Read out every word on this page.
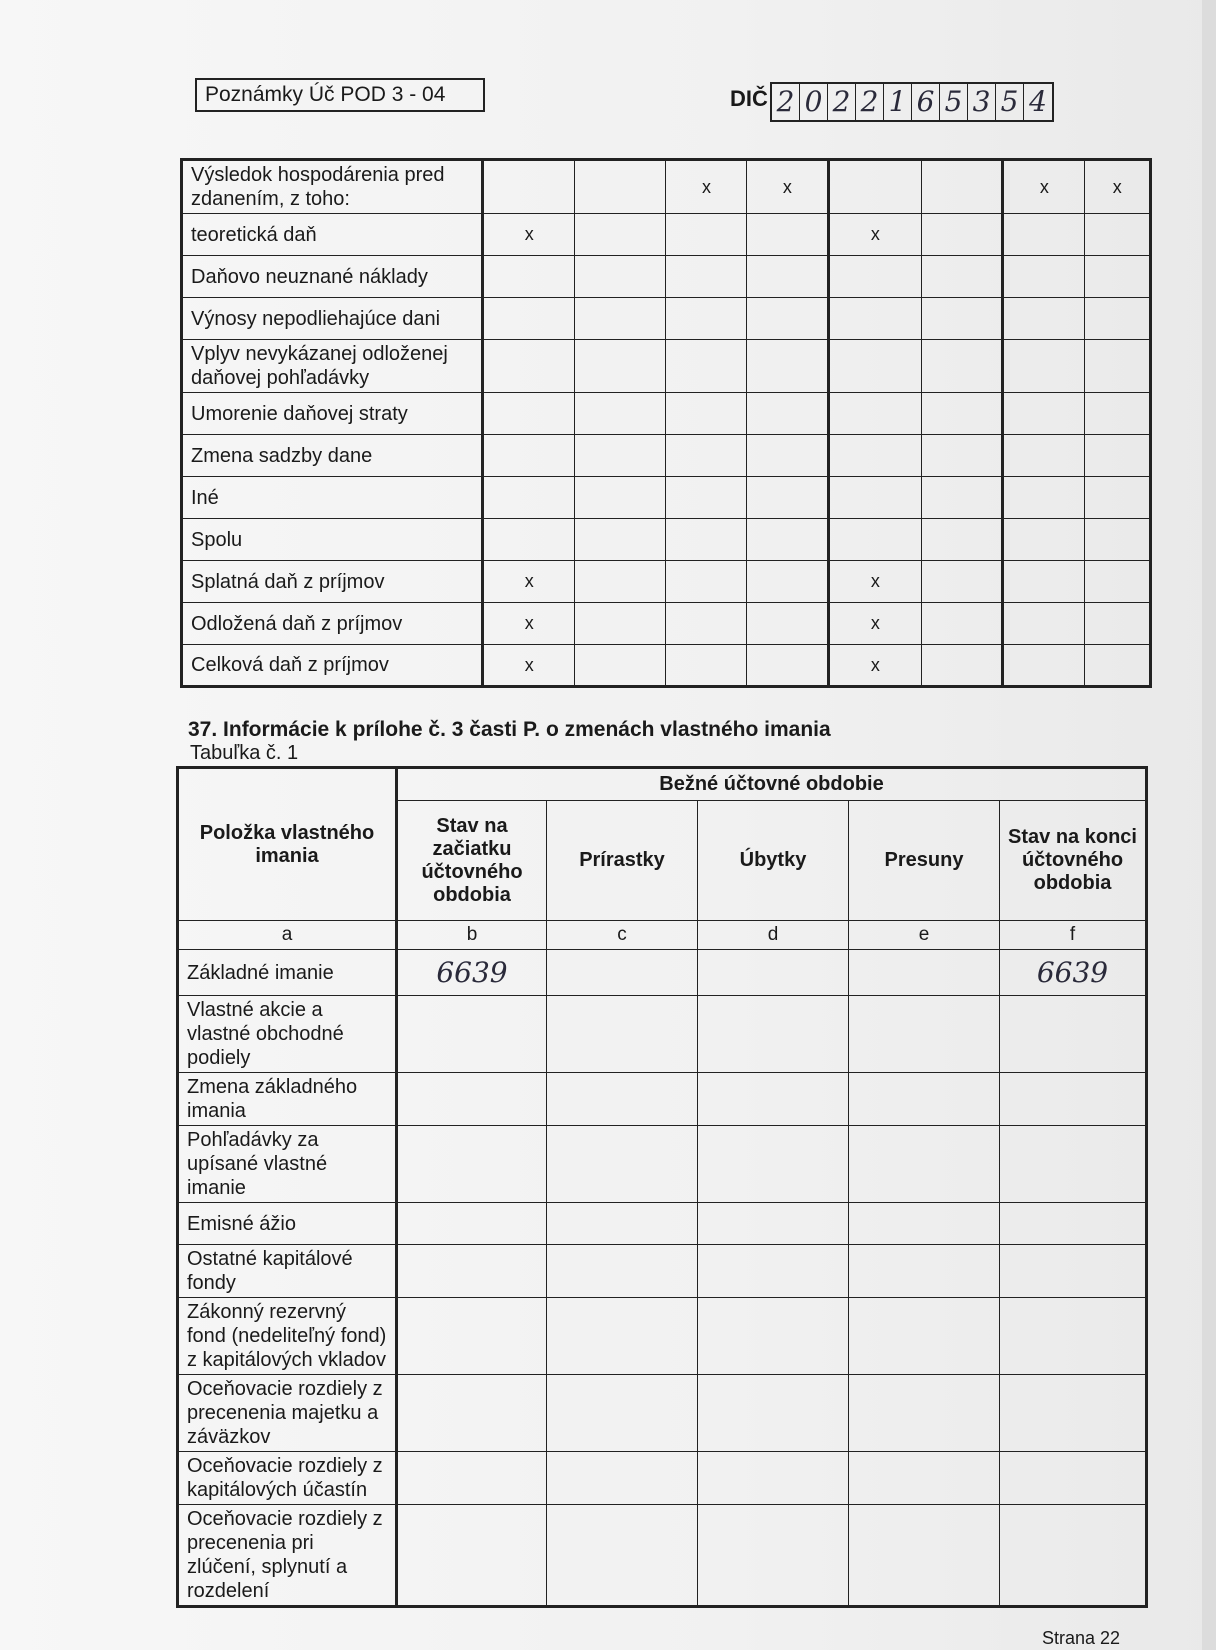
Poznámky Úč POD 3 - 04	DIČ 2 0 2 2 1 6 5 3 5 4
Výsledok hospodárenia pred zdanením, z toho:			x	x			x	x
teoretická daň	x				x			
Daňovo neuznané náklady								
Výnosy nepodliehajúce dani								
Vplyv nevykázanej odloženej daňovej pohľadávky								
Umorenie daňovej straty								
Zmena sadzby dane								
Iné								
Spolu								
Splatná daň z príjmov	x				x			
Odložená daň z príjmov	x				x			
Celková daň z príjmov	x				x			
37. Informácie k prílohe č. 3 časti P. o zmenách vlastného imania
Tabuľka č. 1
Položka vlastného imania	Bežné účtovné obdobie				
	Stav na začiatku účtovného obdobia	Prírastky	Úbytky	Presuny	Stav na konci účtovného obdobia
a	b	c	d	e	f
Základné imanie	6639				6639
Vlastné akcie a vlastné obchodné podiely					
Zmena základného imania					
Pohľadávky za upísané vlastné imanie					
Emisné ážio					
Ostatné kapitálové fondy					
Zákonný rezervný fond (nedeliteľný fond) z kapitálových vkladov					
Oceňovacie rozdiely z precenenia majetku a záväzkov					
Oceňovacie rozdiely z kapitálových účastín					
Oceňovacie rozdiely z precenenia pri zlúčení, splynutí a rozdelení					
Strana 22
